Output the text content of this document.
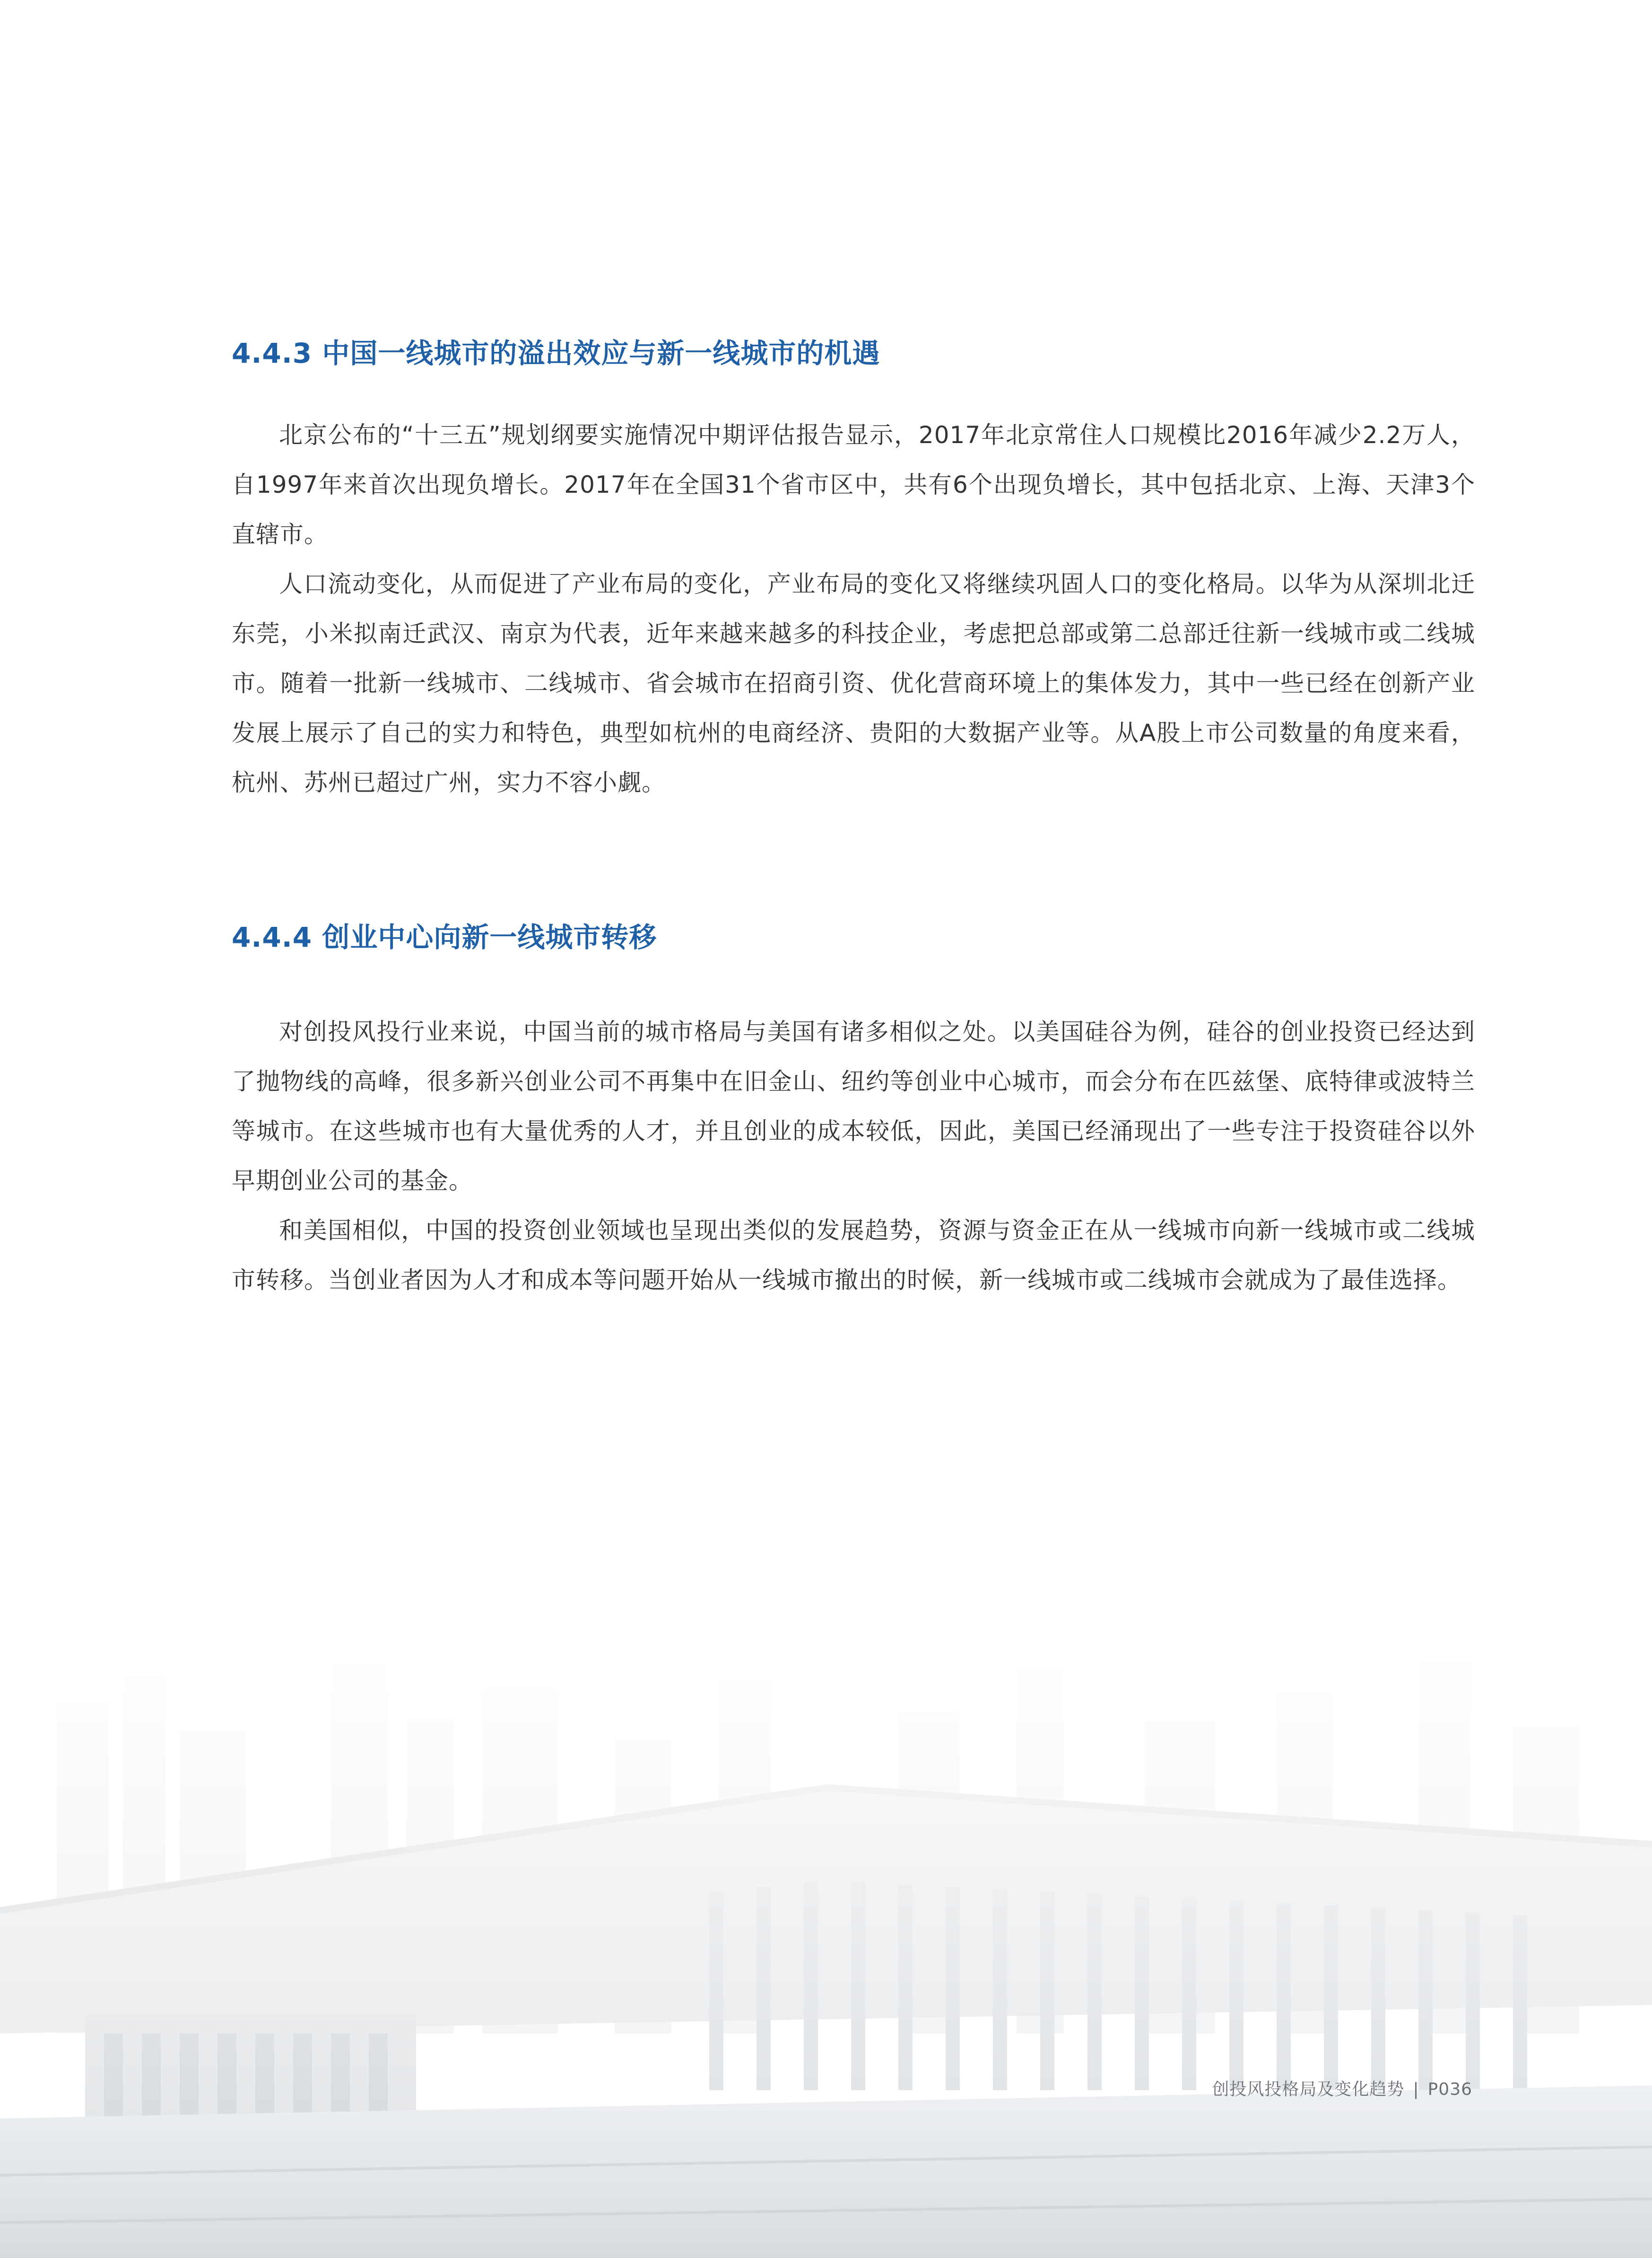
4.4.3 中国一线城市的溢出效应与新一线城市的机遇

北京公布的“十三五”规划纲要实施情况中期评估报告显示，2017年北京常住人口规模比2016年减少2.2万人，自1997年来首次出现负增长。2017年在全国31个省市区中，共有6个出现负增长，其中包括北京、上海、天津3个直辖市。

人口流动变化，从而促进了产业布局的变化，产业布局的变化又将继续巩固人口的变化格局。以华为从深圳北迁东莞，小米拟南迁武汉、南京为代表，近年来越来越多的科技企业，考虑把总部或第二总部迁往新一线城市或二线城市。随着一批新一线城市、二线城市、省会城市在招商引资、优化营商环境上的集体发力，其中一些已经在创新产业发展上展示了自己的实力和特色，典型如杭州的电商经济、贵阳的大数据产业等。从A股上市公司数量的角度来看，杭州、苏州已超过广州，实力不容小觑。

4.4.4 创业中心向新一线城市转移

对创投风投行业来说，中国当前的城市格局与美国有诸多相似之处。以美国硅谷为例，硅谷的创业投资已经达到了抛物线的高峰，很多新兴创业公司不再集中在旧金山、纽约等创业中心城市，而会分布在匹兹堡、底特律或波特兰等城市。在这些城市也有大量优秀的人才，并且创业的成本较低，因此，美国已经涌现出了一些专注于投资硅谷以外早期创业公司的基金。

和美国相似，中国的投资创业领域也呈现出类似的发展趋势，资源与资金正在从一线城市向新一线城市或二线城市转移。当创业者因为人才和成本等问题开始从一线城市撤出的时候，新一线城市或二线城市会就成为了最佳选择。

创投风投格局及变化趋势 | P036
